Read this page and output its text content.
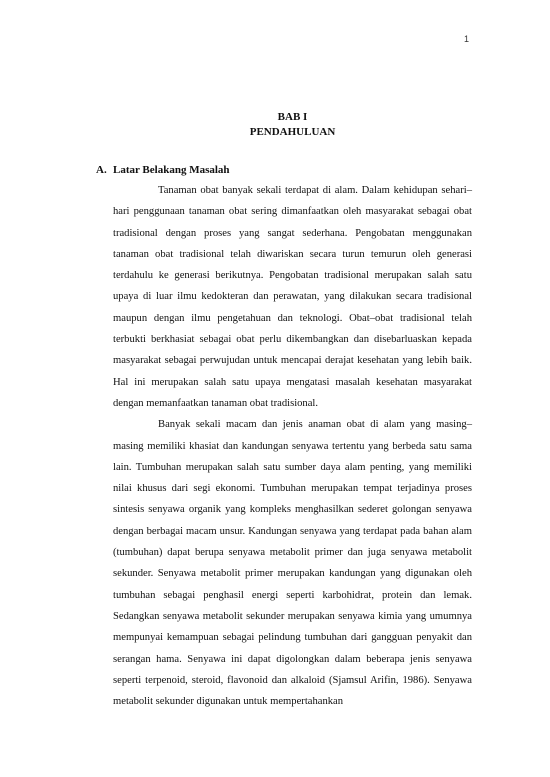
1
BAB I
PENDAHULUAN
A. Latar Belakang Masalah

Tanaman obat banyak sekali terdapat di alam. Dalam kehidupan sehari–hari penggunaan tanaman obat sering dimanfaatkan oleh masyarakat sebagai obat tradisional dengan proses yang sangat sederhana. Pengobatan menggunakan tanaman obat tradisional telah diwariskan secara turun temurun oleh generasi terdahulu ke generasi berikutnya. Pengobatan tradisional merupakan salah satu upaya di luar ilmu kedokteran dan perawatan, yang dilakukan secara tradisional maupun dengan ilmu pengetahuan dan teknologi. Obat–obat tradisional telah terbukti berkhasiat sebagai obat perlu dikembangkan dan disebarluaskan kepada masyarakat sebagai perwujudan untuk mencapai derajat kesehatan yang lebih baik. Hal ini merupakan salah satu upaya mengatasi masalah kesehatan masyarakat dengan memanfaatkan tanaman obat tradisional.

Banyak sekali macam dan jenis anaman obat di alam yang masing–masing memiliki khasiat dan kandungan senyawa tertentu yang berbeda satu sama lain. Tumbuhan merupakan salah satu sumber daya alam penting, yang memiliki nilai khusus dari segi ekonomi. Tumbuhan merupakan tempat terjadinya proses sintesis senyawa organik yang kompleks menghasilkan sederet golongan senyawa dengan berbagai macam unsur. Kandungan senyawa yang terdapat pada bahan alam (tumbuhan) dapat berupa senyawa metabolit primer dan juga senyawa metabolit sekunder. Senyawa metabolit primer merupakan kandungan yang digunakan oleh tumbuhan sebagai penghasil energi seperti karbohidrat, protein dan lemak. Sedangkan senyawa metabolit sekunder merupakan senyawa kimia yang umumnya mempunyai kemampuan sebagai pelindung tumbuhan dari gangguan penyakit dan serangan hama. Senyawa ini dapat digolongkan dalam beberapa jenis senyawa seperti terpenoid, steroid, flavonoid dan alkaloid (Sjamsul Arifin, 1986). Senyawa metabolit sekunder digunakan untuk mempertahankan
